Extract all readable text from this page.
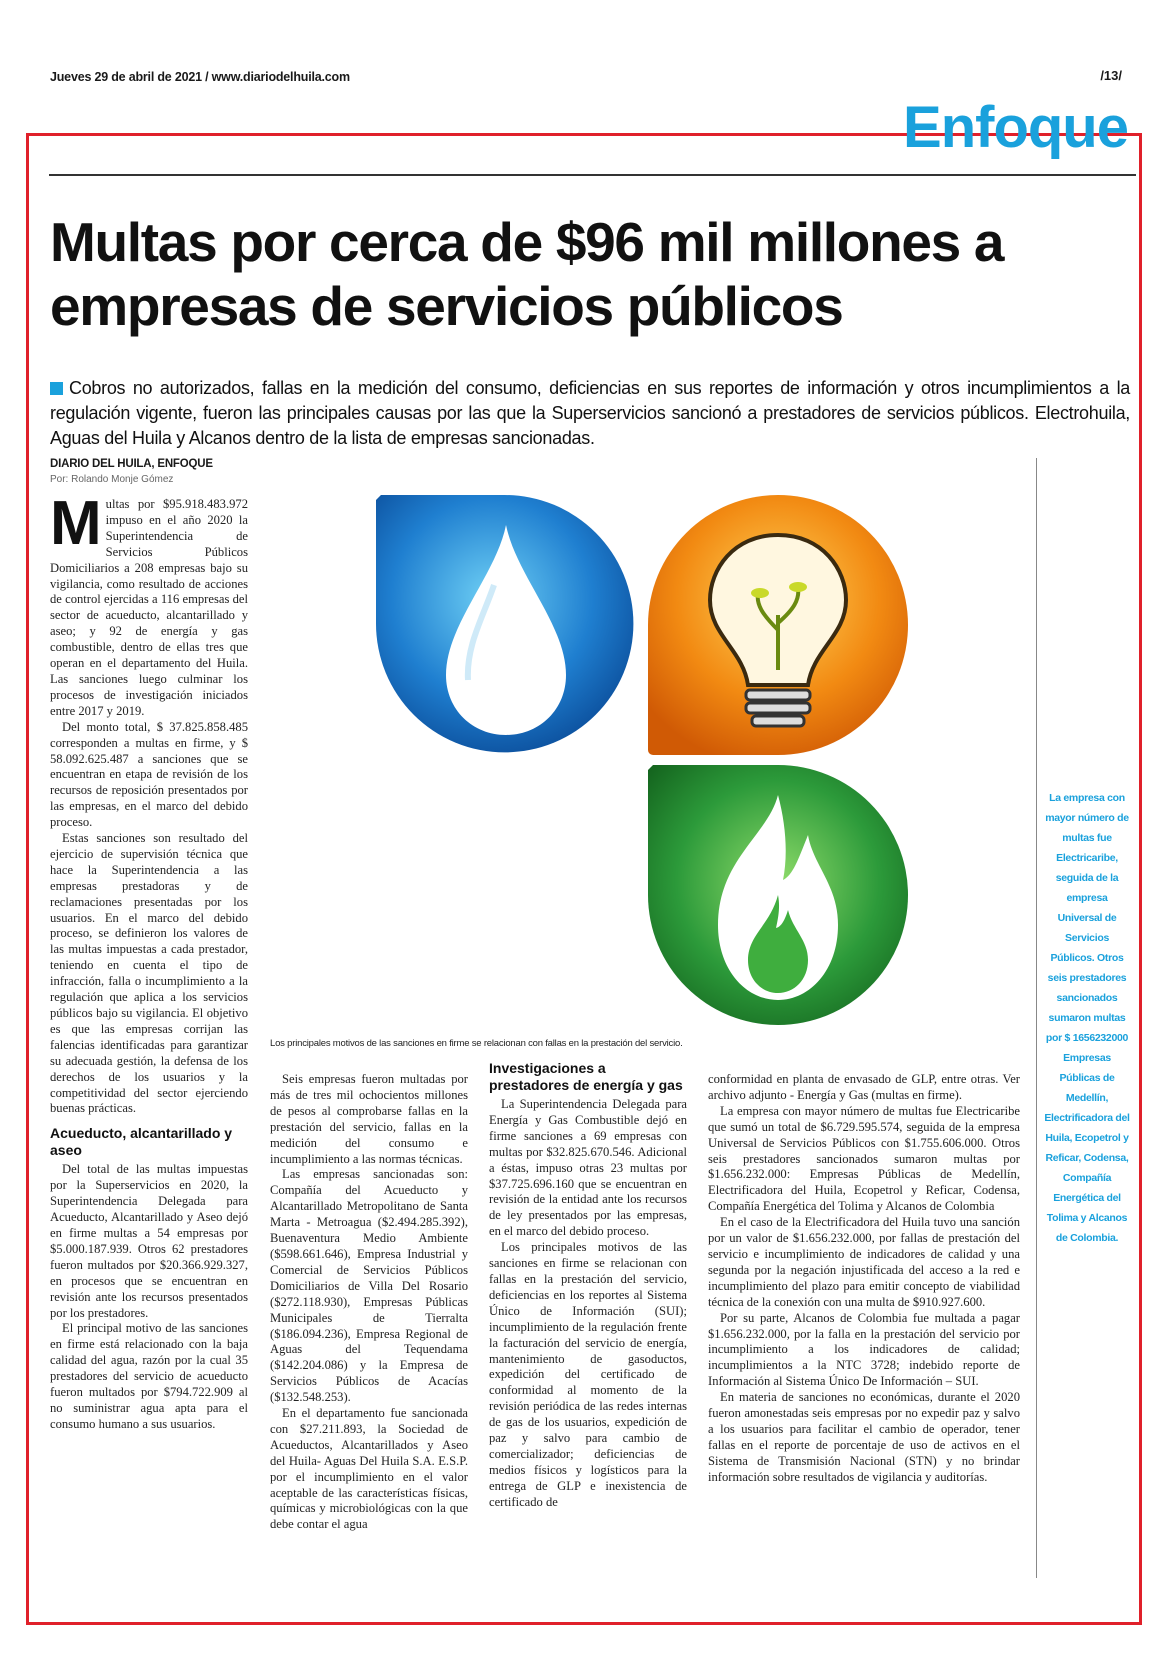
Jueves 29 de abril de 2021 / www.diariodelhuila.com	/13/
Enfoque
Multas por cerca de $96 mil millones a empresas de servicios públicos
Cobros no autorizados, fallas en la medición del consumo, deficiencias en sus reportes de información y otros incumplimientos a la regulación vigente, fueron las principales causas por las que la Superservicios sancionó a prestadores de servicios públicos. Electrohuila, Aguas del Huila y Alcanos dentro de la lista de empresas sancionadas.
DIARIO DEL HUILA, ENFOQUE
Por: Rolando Monje Gómez

Multas por $95.918.483.972 impuso en el año 2020 la Superintendencia de Servicios Públicos Domiciliarios a 208 empresas bajo su vigilancia, como resultado de acciones de control ejercidas a 116 empresas del sector de acueducto, alcantarillado y aseo; y 92 de energía y gas combustible, dentro de ellas tres que operan en el departamento del Huila. Las sanciones luego culminar los procesos de investigación iniciados entre 2017 y 2019.

Del monto total, $ 37.825.858.485 corresponden a multas en firme, y $ 58.092.625.487 a sanciones que se encuentran en etapa de revisión de los recursos de reposición presentados por las empresas, en el marco del debido proceso.

Estas sanciones son resultado del ejercicio de supervisión técnica que hace la Superintendencia a las empresas prestadoras y de reclamaciones presentadas por los usuarios. En el marco del debido proceso, se definieron los valores de las multas impuestas a cada prestador, teniendo en cuenta el tipo de infracción, falla o incumplimiento a la regulación que aplica a los servicios públicos bajo su vigilancia. El objetivo es que las empresas corrijan las falencias identificadas para garantizar su adecuada gestión, la defensa de los derechos de los usuarios y la competitividad del sector ejerciendo buenas prácticas.

Acueducto, alcantarillado y aseo

Del total de las multas impuestas por la Superservicios en 2020, la Superintendencia Delegada para Acueducto, Alcantarillado y Aseo dejó en firme multas a 54 empresas por $5.000.187.939. Otros 62 prestadores fueron multados por $20.366.929.327, en procesos que se encuentran en revisión ante los recursos presentados por los prestadores.

El principal motivo de las sanciones en firme está relacionado con la baja calidad del agua, razón por la cual 35 prestadores del servicio de acueducto fueron multados por $794.722.909 al no suministrar agua apta para el consumo humano a sus usuarios.

Los principales motivos de las sanciones en firme se relacionan con fallas en la prestación del servicio.

Seis empresas fueron multadas por más de tres mil ochocientos millones de pesos al comprobarse fallas en la prestación del servicio, fallas en la medición del consumo e incumplimiento a las normas técnicas.

Las empresas sancionadas son: Compañía del Acueducto y Alcantarillado Metropolitano de Santa Marta - Metroagua ($2.494.285.392), Buenaventura Medio Ambiente ($598.661.646), Empresa Industrial y Comercial de Servicios Públicos Domiciliarios de Villa Del Rosario ($272.118.930), Empresas Públicas Municipales de Tierralta ($186.094.236), Empresa Regional de Aguas del Tequendama ($142.204.086) y la Empresa de Servicios Públicos de Acacías ($132.548.253).

En el departamento fue sancionada con $27.211.893, la Sociedad de Acueductos, Alcantarillados y Aseo del Huila- Aguas Del Huila S.A. E.S.P. por el incumplimiento en el valor aceptable de las características físicas, químicas y microbiológicas con la que debe contar el agua

Investigaciones a prestadores de energía y gas

La Superintendencia Delegada para Energía y Gas Combustible dejó en firme sanciones a 69 empresas con multas por $32.825.670.546. Adicional a éstas, impuso otras 23 multas por $37.725.696.160 que se encuentran en revisión de la entidad ante los recursos de ley presentados por las empresas, en el marco del debido proceso.

Los principales motivos de las sanciones en firme se relacionan con fallas en la prestación del servicio, deficiencias en los reportes al Sistema Único de Información (SUI); incumplimiento de la regulación frente la facturación del servicio de energía, mantenimiento de gasoductos, expedición del certificado de conformidad al momento de la revisión periódica de las redes internas de gas de los usuarios, expedición de paz y salvo para cambio de comercializador; deficiencias de medios físicos y logísticos para la entrega de GLP e inexistencia de certificado de

conformidad en planta de envasado de GLP, entre otras. Ver archivo adjunto - Energía y Gas (multas en firme).

La empresa con mayor número de multas fue Electricaribe que sumó un total de $6.729.595.574, seguida de la empresa Universal de Servicios Públicos con $1.755.606.000. Otros seis prestadores sancionados sumaron multas por $1.656.232.000: Empresas Públicas de Medellín, Electrificadora del Huila, Ecopetrol y Reficar, Codensa, Compañía Energética del Tolima y Alcanos de Colombia

En el caso de la Electrificadora del Huila tuvo una sanción por un valor de $1.656.232.000, por fallas de prestación del servicio e incumplimiento de indicadores de calidad y una segunda por la negación injustificada del acceso a la red e incumplimiento del plazo para emitir concepto de viabilidad técnica de la conexión con una multa de $910.927.600.

Por su parte, Alcanos de Colombia fue multada a pagar $1.656.232.000, por la falla en la prestación del servicio por incumplimiento a los indicadores de calidad; incumplimientos a la NTC 3728; indebido reporte de Información al Sistema Único De Información – SUI.

En materia de sanciones no económicas, durante el 2020 fueron amonestadas seis empresas por no expedir paz y salvo a los usuarios para facilitar el cambio de operador, tener fallas en el reporte de porcentaje de uso de activos en el Sistema de Transmisión Nacional (STN) y no brindar información sobre resultados de vigilancia y auditorías.

La empresa con mayor número de multas fue Electricaribe, seguida de la empresa Universal de Servicios Públicos. Otros seis prestadores sancionados sumaron multas por $ 1656232000 Empresas Públicas de Medellín, Electrificadora del Huila, Ecopetrol y Reficar, Codensa, Compañía Energética del Tolima y Alcanos de Colombia.
